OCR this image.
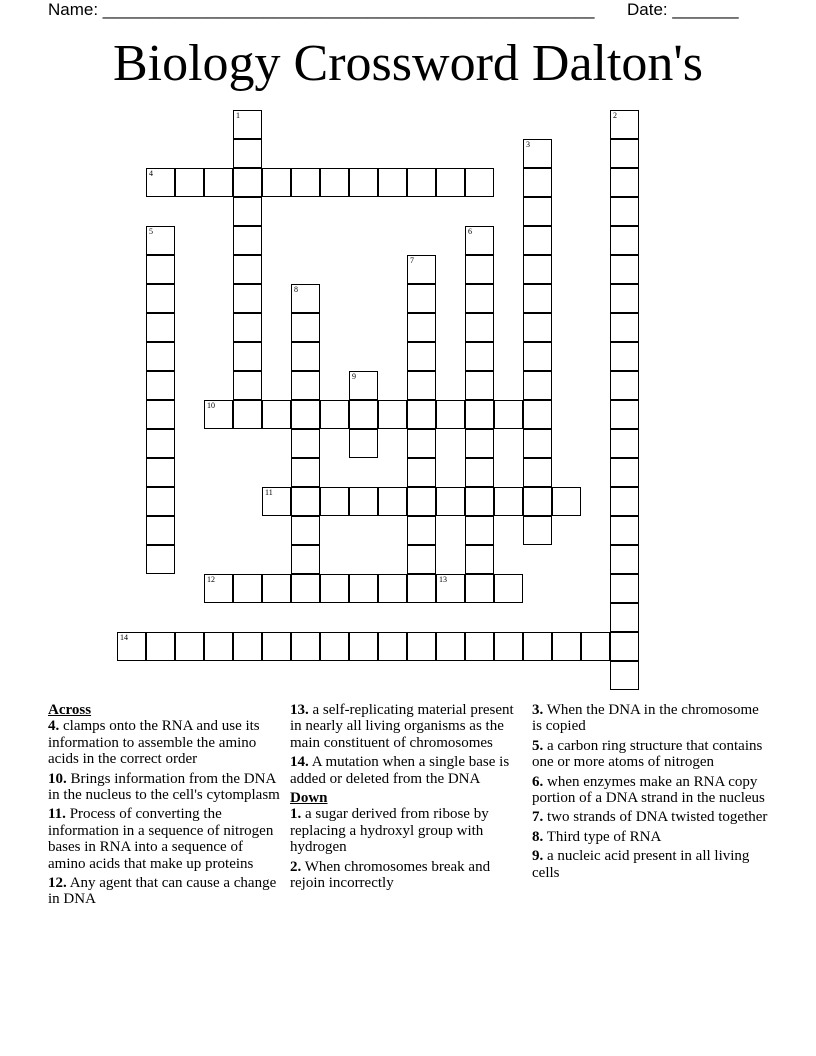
Name: ____________________________________________________ Date: _______
Biology Crossword Dalton's
1	2
3
4
5	6
7
8
9
10
11
12	13
14
Across
4. clamps onto the RNA and use its information to assemble the amino acids in the correct order
10. Brings information from the DNA in the nucleus to the cell's cytomplasm
11. Process of converting the information in a sequence of nitrogen bases in RNA into a sequence of amino acids that make up proteins
12. Any agent that can cause a change in DNA
13. a self-replicating material present in nearly all living organisms as the main constituent of chromosomes
14. A mutation when a single base is added or deleted from the DNA
Down
1. a sugar derived from ribose by replacing a hydroxyl group with hydrogen
2. When chromosomes break and rejoin incorrectly
3. When the DNA in the chromosome is copied
5. a carbon ring structure that contains one or more atoms of nitrogen
6. when enzymes make an RNA copy portion of a DNA strand in the nucleus
7. two strands of DNA twisted together
8. Third type of RNA
9. a nucleic acid present in all living cells
